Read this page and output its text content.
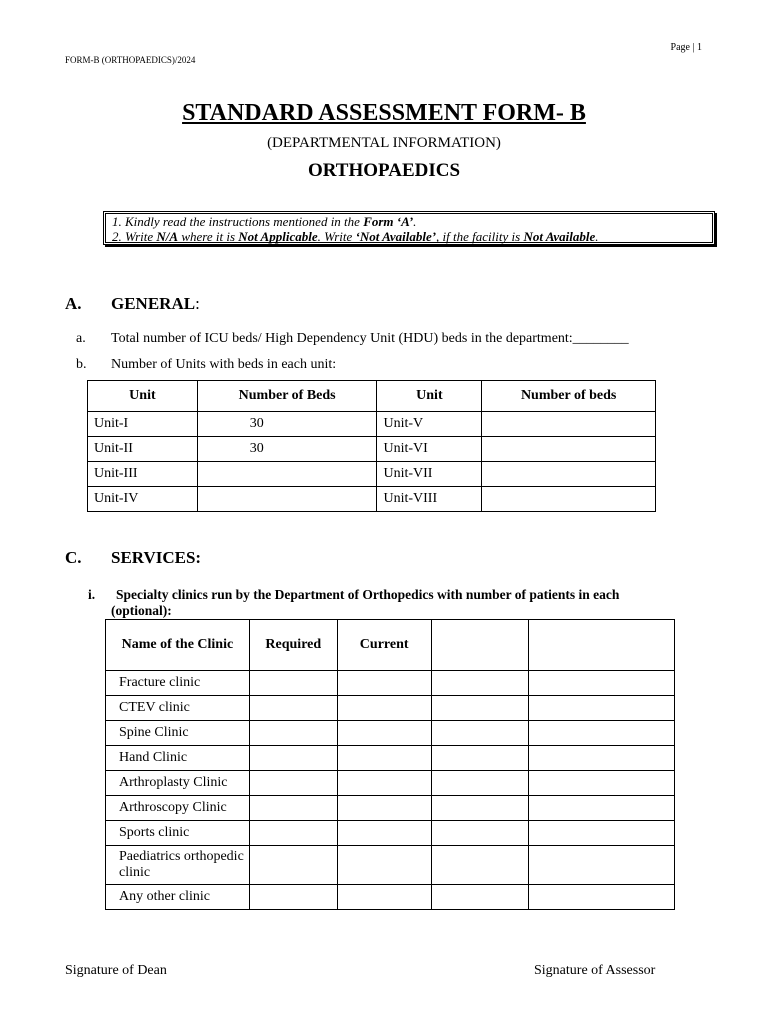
Page | 1
FORM-B (ORTHOPAEDICS)/2024
STANDARD ASSESSMENT FORM- B
(DEPARTMENTAL INFORMATION)
ORTHOPAEDICS
1. Kindly read the instructions mentioned in the Form ‘A’.
2. Write N/A where it is Not Applicable. Write ‘Not Available’, if the facility is Not Available.
A. GENERAL:
a. Total number of ICU beds/ High Dependency Unit (HDU) beds in the department:________
b. Number of Units with beds in each unit:
Unit	Number of Beds	Unit	Number of beds
Unit-I	30	Unit-V	
Unit-II	30	Unit-VI	
Unit-III		Unit-VII	
Unit-IV		Unit-VIII	
C. SERVICES:
i.	Specialty clinics run by the Department of Orthopedics with number of patients in each
(optional):
Name of the Clinic	Required	Current		
Fracture clinic				
CTEV clinic				
Spine Clinic				
Hand Clinic				
Arthroplasty Clinic				
Arthroscopy Clinic				
Sports clinic				
Paediatrics orthopedic clinic				
Any other clinic				
Signature of Dean	Signature of Assessor
